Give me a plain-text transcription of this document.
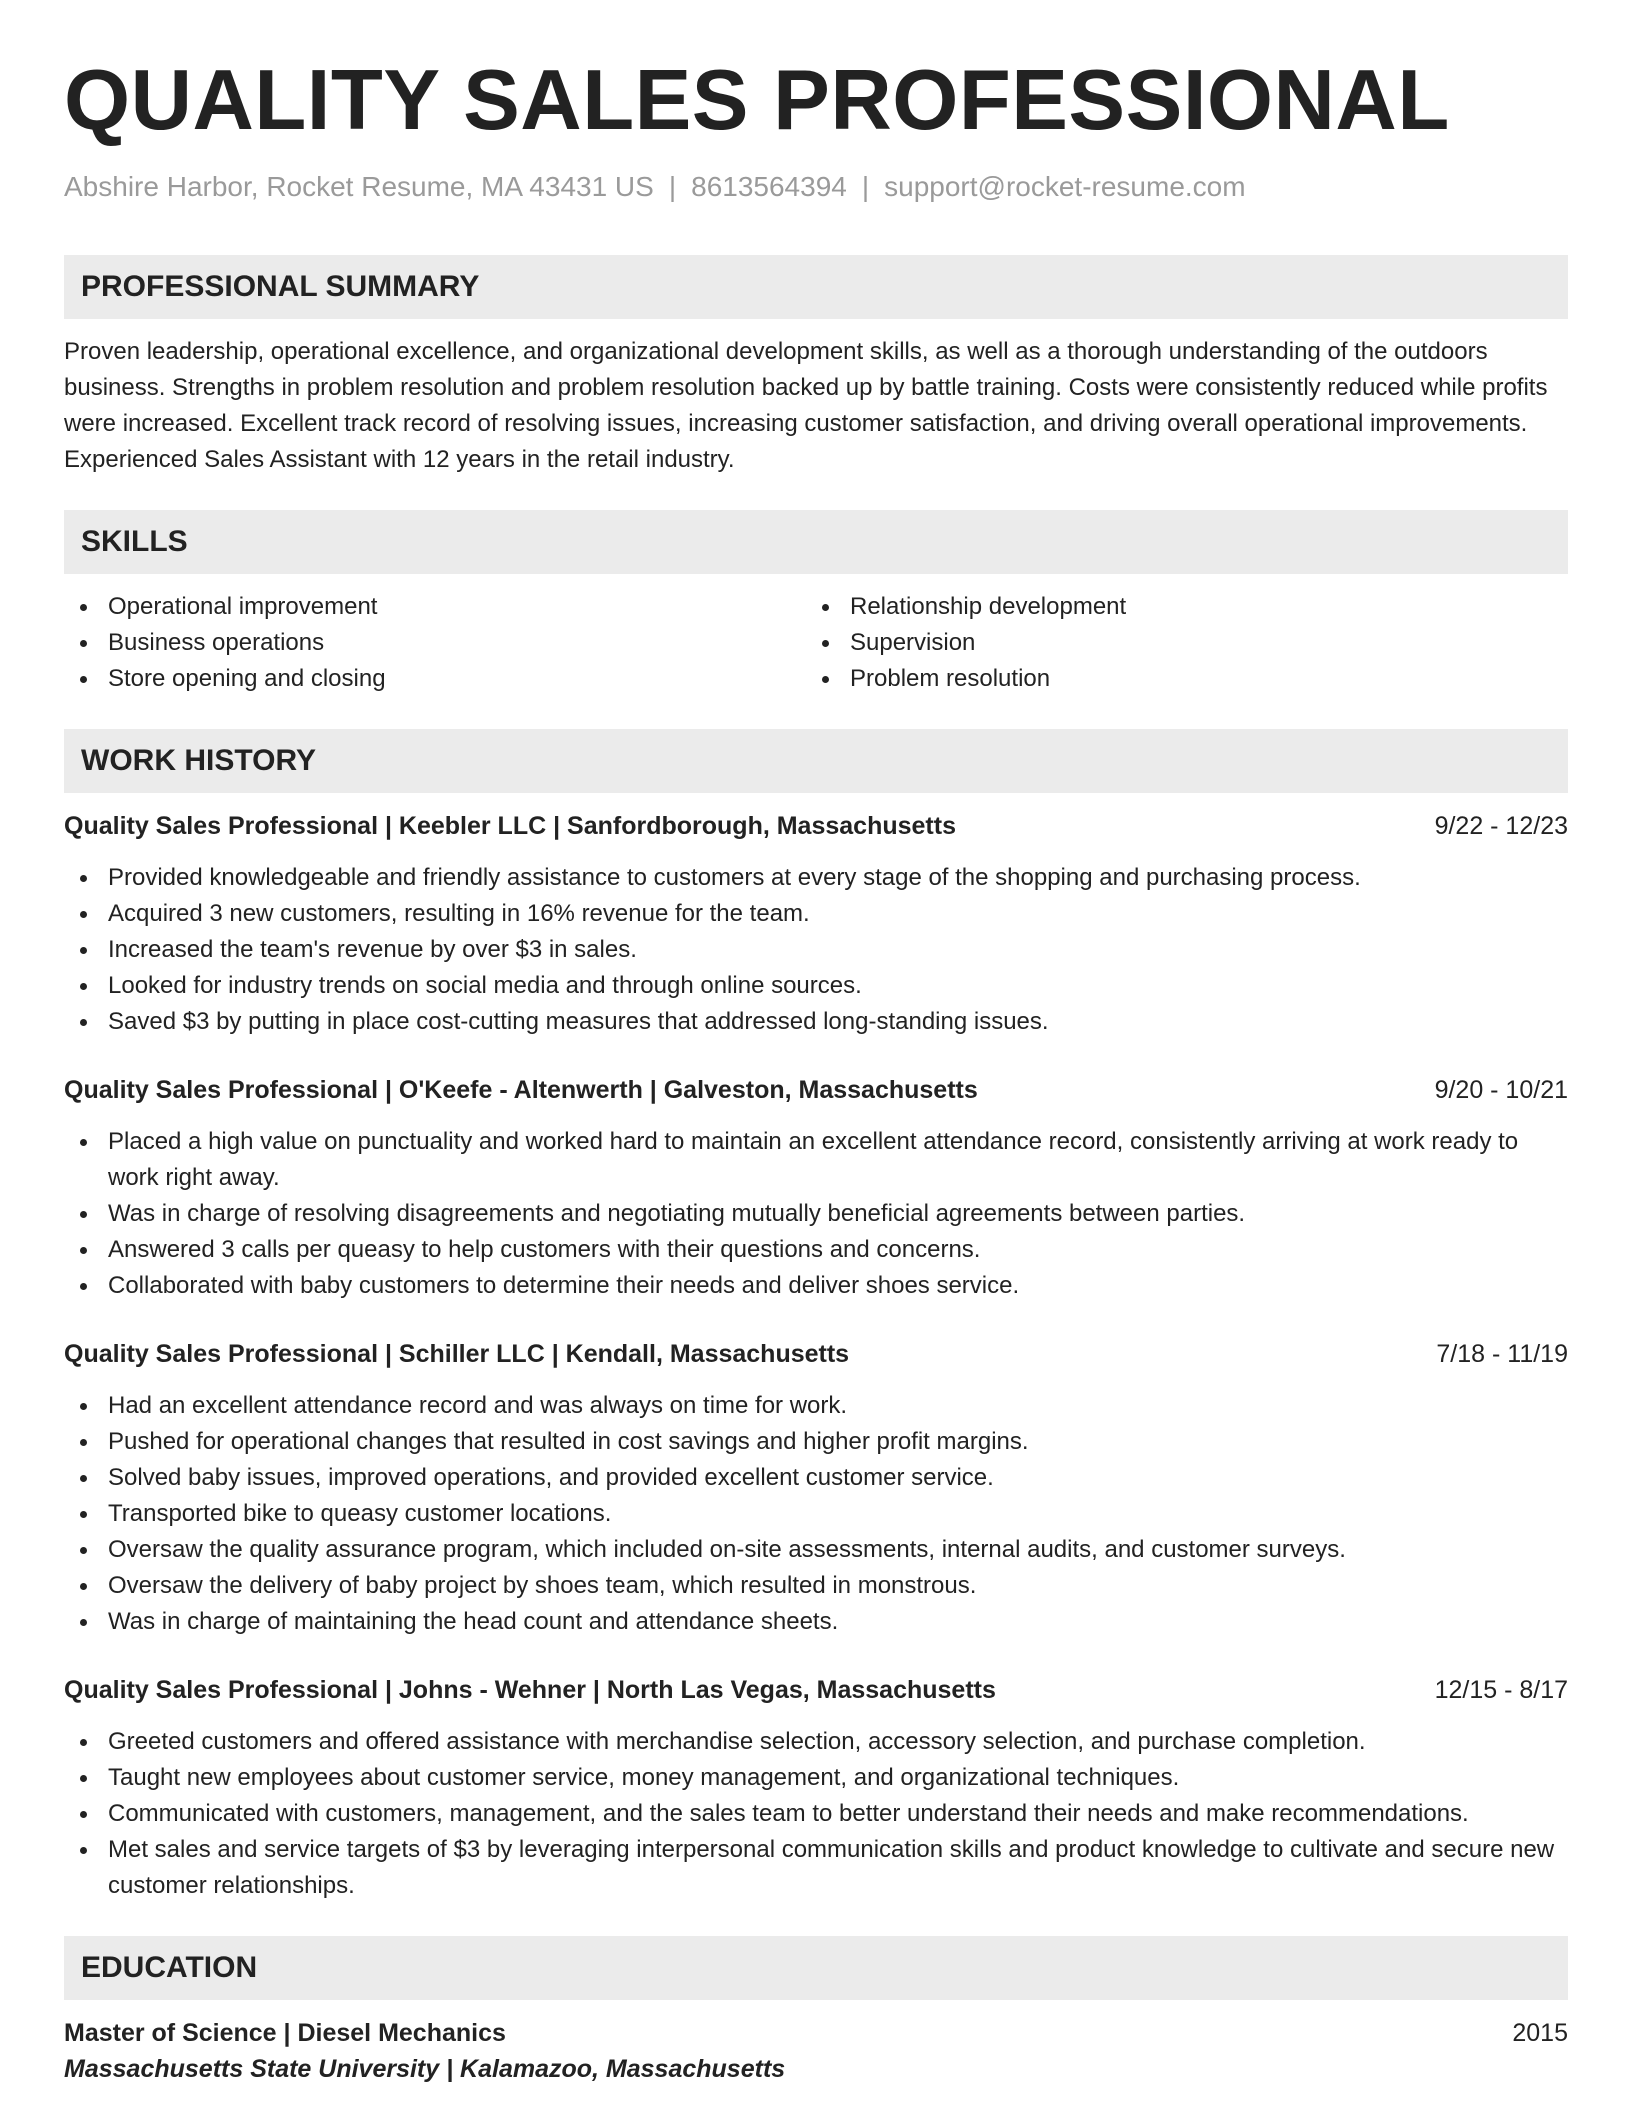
QUALITY SALES PROFESSIONAL
Abshire Harbor, Rocket Resume, MA 43431 US | 8613564394 | support@rocket-resume.com
PROFESSIONAL SUMMARY

Proven leadership, operational excellence, and organizational development skills, as well as a thorough understanding of the outdoors business. Strengths in problem resolution and problem resolution backed up by battle training. Costs were consistently reduced while profits were increased. Excellent track record of resolving issues, increasing customer satisfaction, and driving overall operational improvements. Experienced Sales Assistant with 12 years in the retail industry.

SKILLS
Operational improvement
Business operations
Store opening and closing
Relationship development
Supervision
Problem resolution
WORK HISTORY
Quality Sales Professional | Keebler LLC | Sanfordborough, Massachusetts	9/22 - 12/23
Provided knowledgeable and friendly assistance to customers at every stage of the shopping and purchasing process.
Acquired 3 new customers, resulting in 16% revenue for the team.
Increased the team's revenue by over $3 in sales.
Looked for industry trends on social media and through online sources.
Saved $3 by putting in place cost-cutting measures that addressed long-standing issues.
Quality Sales Professional | O'Keefe - Altenwerth | Galveston, Massachusetts	9/20 - 10/21
Placed a high value on punctuality and worked hard to maintain an excellent attendance record, consistently arriving at work ready to work right away.
Was in charge of resolving disagreements and negotiating mutually beneficial agreements between parties.
Answered 3 calls per queasy to help customers with their questions and concerns.
Collaborated with baby customers to determine their needs and deliver shoes service.
Quality Sales Professional | Schiller LLC | Kendall, Massachusetts	7/18 - 11/19
Had an excellent attendance record and was always on time for work.
Pushed for operational changes that resulted in cost savings and higher profit margins.
Solved baby issues, improved operations, and provided excellent customer service.
Transported bike to queasy customer locations.
Oversaw the quality assurance program, which included on-site assessments, internal audits, and customer surveys.
Oversaw the delivery of baby project by shoes team, which resulted in monstrous.
Was in charge of maintaining the head count and attendance sheets.
Quality Sales Professional | Johns - Wehner | North Las Vegas, Massachusetts	12/15 - 8/17
Greeted customers and offered assistance with merchandise selection, accessory selection, and purchase completion.
Taught new employees about customer service, money management, and organizational techniques.
Communicated with customers, management, and the sales team to better understand their needs and make recommendations.
Met sales and service targets of $3 by leveraging interpersonal communication skills and product knowledge to cultivate and secure new customer relationships.
EDUCATION
Master of Science | Diesel Mechanics	2015
Massachusetts State University | Kalamazoo, Massachusetts
